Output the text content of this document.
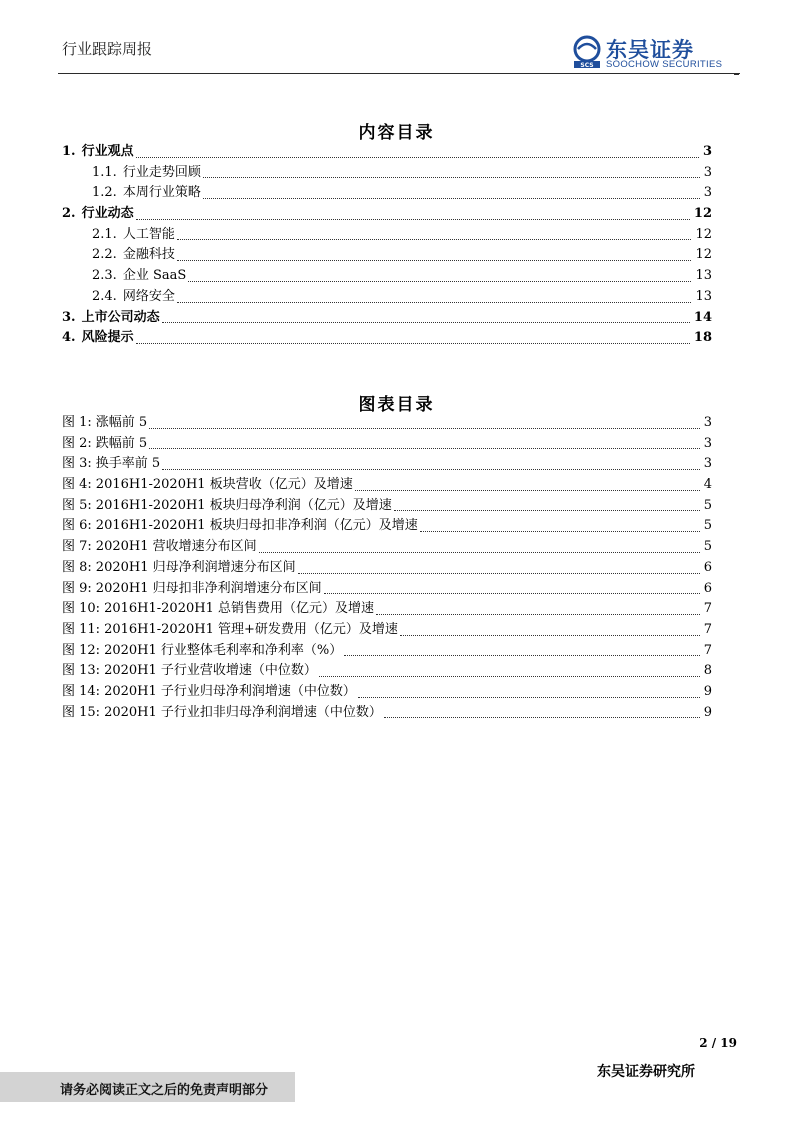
行业跟踪周报
SCS
东吴证券
SOOCHOW SECURITIES
内容目录
1. 行业观点	3
1.1. 行业走势回顾	3
1.2. 本周行业策略	3
2. 行业动态	12
2.1. 人工智能	12
2.2. 金融科技	12
2.3. 企业 SaaS	13
2.4. 网络安全	13
3. 上市公司动态	14
4. 风险提示	18
图表目录
图 1: 涨幅前 5	3
图 2: 跌幅前 5	3
图 3: 换手率前 5	3
图 4: 2016H1-2020H1 板块营收（亿元）及增速	4
图 5: 2016H1-2020H1 板块归母净利润（亿元）及增速	5
图 6: 2016H1-2020H1 板块归母扣非净利润（亿元）及增速	5
图 7: 2020H1 营收增速分布区间	5
图 8: 2020H1 归母净利润增速分布区间	6
图 9: 2020H1 归母扣非净利润增速分布区间	6
图 10: 2016H1-2020H1 总销售费用（亿元）及增速	7
图 11: 2016H1-2020H1 管理+研发费用（亿元）及增速	7
图 12: 2020H1 行业整体毛利率和净利率（%）	7
图 13: 2020H1 子行业营收增速（中位数）	8
图 14: 2020H1 子行业归母净利润增速（中位数）	9
图 15: 2020H1 子行业扣非归母净利润增速（中位数）	9
2 / 19
东吴证券研究所
请务必阅读正文之后的免责声明部分
